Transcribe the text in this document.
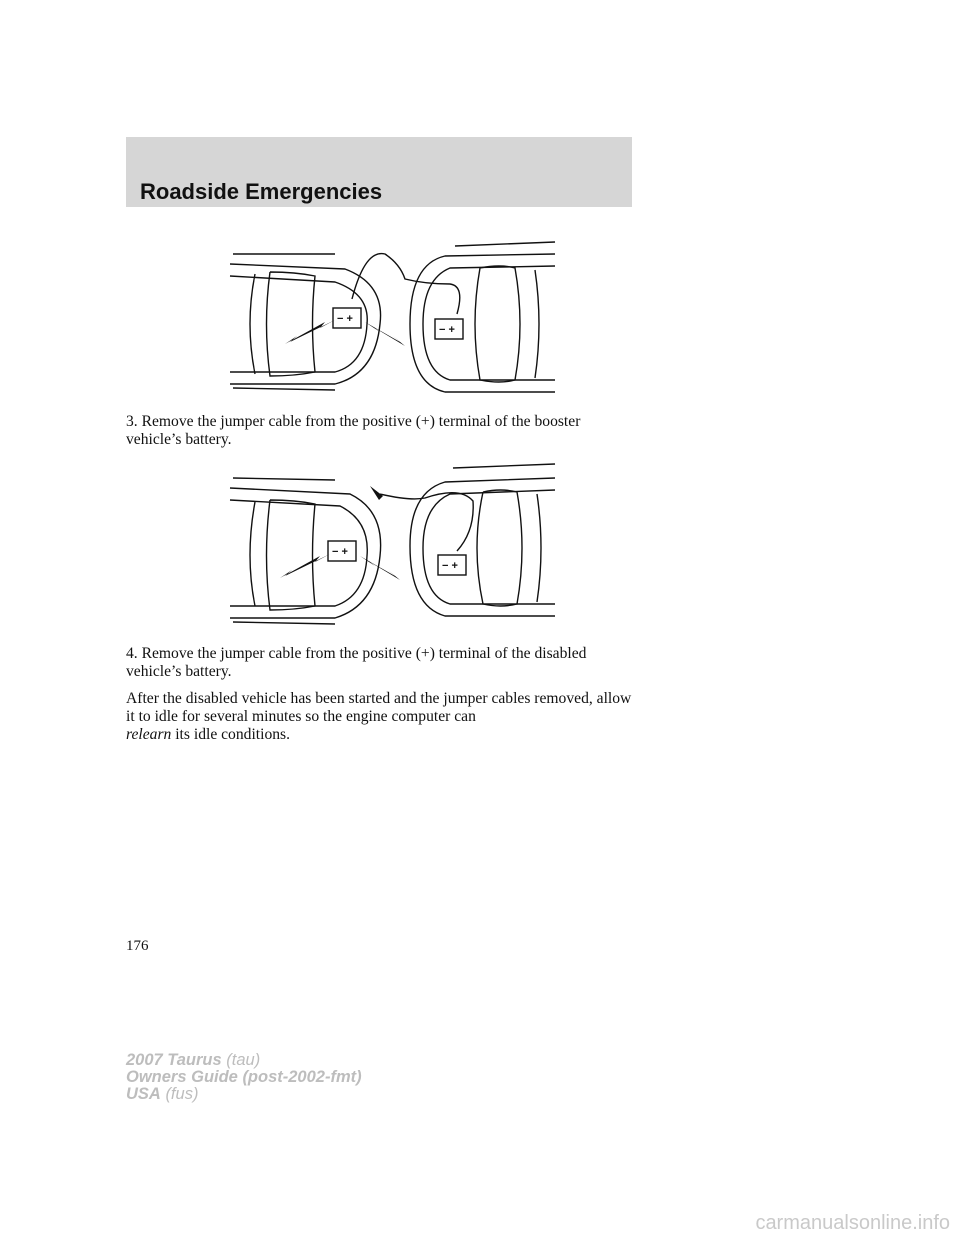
Roadside Emergencies
− +
− +

3. Remove the jumper cable from the positive (+) terminal of the booster vehicle’s battery.

− +
− +

4. Remove the jumper cable from the positive (+) terminal of the disabled vehicle’s battery.

After the disabled vehicle has been started and the jumper cables removed, allow it to idle for several minutes so the engine computer can
relearn its idle conditions.

176

2007 Taurus (tau)
Owners Guide (post-2002-fmt)
USA (fus)
carmanualsonline.info
